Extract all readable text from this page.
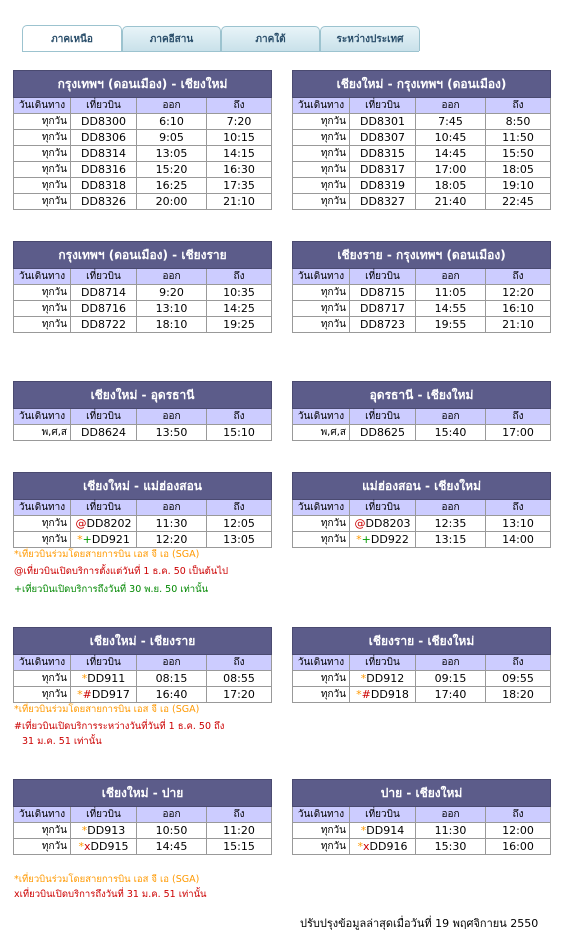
ภาคเหนือ	ภาคอีสาน	ภาคใต้	ระหว่างประเทศ
กรุงเทพฯ (ดอนเมือง) - เชียงใหม่			
วันเดินทาง	เที่ยวบิน	ออก	ถึง
ทุกวัน	DD8300	6:10	7:20
ทุกวัน	DD8306	9:05	10:15
ทุกวัน	DD8314	13:05	14:15
ทุกวัน	DD8316	15:20	16:30
ทุกวัน	DD8318	16:25	17:35
ทุกวัน	DD8326	20:00	21:10
เชียงใหม่ - กรุงเทพฯ (ดอนเมือง)			
วันเดินทาง	เที่ยวบิน	ออก	ถึง
ทุกวัน	DD8301	7:45	8:50
ทุกวัน	DD8307	10:45	11:50
ทุกวัน	DD8315	14:45	15:50
ทุกวัน	DD8317	17:00	18:05
ทุกวัน	DD8319	18:05	19:10
ทุกวัน	DD8327	21:40	22:45
กรุงเทพฯ (ดอนเมือง) - เชียงราย			
วันเดินทาง	เที่ยวบิน	ออก	ถึง
ทุกวัน	DD8714	9:20	10:35
ทุกวัน	DD8716	13:10	14:25
ทุกวัน	DD8722	18:10	19:25
เชียงราย - กรุงเทพฯ (ดอนเมือง)			
วันเดินทาง	เที่ยวบิน	ออก	ถึง
ทุกวัน	DD8715	11:05	12:20
ทุกวัน	DD8717	14:55	16:10
ทุกวัน	DD8723	19:55	21:10
เชียงใหม่ - อุดรธานี			
วันเดินทาง	เที่ยวบิน	ออก	ถึง
พ,ศ,ส	DD8624	13:50	15:10
อุดรธานี - เชียงใหม่			
วันเดินทาง	เที่ยวบิน	ออก	ถึง
พ,ศ,ส	DD8625	15:40	17:00
เชียงใหม่ - แม่ฮ่องสอน			
วันเดินทาง	เที่ยวบิน	ออก	ถึง
ทุกวัน	@DD8202	11:30	12:05
ทุกวัน	*+DD921	12:20	13:05
แม่ฮ่องสอน - เชียงใหม่			
วันเดินทาง	เที่ยวบิน	ออก	ถึง
ทุกวัน	@DD8203	12:35	13:10
ทุกวัน	*+DD922	13:15	14:00
เชียงใหม่ - เชียงราย			
วันเดินทาง	เที่ยวบิน	ออก	ถึง
ทุกวัน	*DD911	08:15	08:55
ทุกวัน	*#DD917	16:40	17:20
เชียงราย - เชียงใหม่			
วันเดินทาง	เที่ยวบิน	ออก	ถึง
ทุกวัน	*DD912	09:15	09:55
ทุกวัน	*#DD918	17:40	18:20
เชียงใหม่ - ปาย			
วันเดินทาง	เที่ยวบิน	ออก	ถึง
ทุกวัน	*DD913	10:50	11:20
ทุกวัน	*xDD915	14:45	15:15
ปาย - เชียงใหม่			
วันเดินทาง	เที่ยวบิน	ออก	ถึง
ทุกวัน	*DD914	11:30	12:00
ทุกวัน	*xDD916	15:30	16:00
*เที่ยวบินร่วมโดยสายการบิน เอส จี เอ (SGA)
@เที่ยวบินเปิดบริการตั้งแต่วันที่ 1 ธ.ค. 50 เป็นต้นไป
+เที่ยวบินเปิดบริการถึงวันที่ 30 พ.ย. 50 เท่านั้น
*เที่ยวบินร่วมโดยสายการบิน เอส จี เอ (SGA)
#เที่ยวบินเปิดบริการระหว่างวันที่วันที่ 1 ธ.ค. 50 ถึง
31 ม.ค. 51 เท่านั้น
*เที่ยวบินร่วมโดยสายการบิน เอส จี เอ (SGA)
xเที่ยวบินเปิดบริการถึงวันที่ 31 ม.ค. 51 เท่านั้น
ปรับปรุงข้อมูลล่าสุดเมื่อวันที่ 19 พฤศจิกายน 2550
